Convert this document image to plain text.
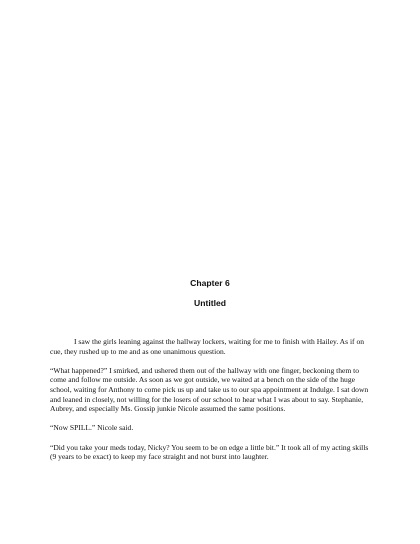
Chapter 6
Untitled

I saw the girls leaning against the hallway lockers, waiting for me to finish with Hailey. As if on cue, they rushed up to me and as one unanimous question.

“What happened?” I smirked, and ushered them out of the hallway with one finger, beckoning them to come and follow me outside. As soon as we got outside, we waited at a bench on the side of the huge school, waiting for Anthony to come pick us up and take us to our spa appointment at Indulge. I sat down and leaned in closely, not willing for the losers of our school to hear what I was about to say. Stephanie, Aubrey, and especially Ms. Gossip junkie Nicole assumed the same positions.

“Now SPILL.” Nicole said.

“Did you take your meds today, Nicky? You seem to be on edge a little bit.” It took all of my acting skills (9 years to be exact) to keep my face straight and not burst into laughter.
